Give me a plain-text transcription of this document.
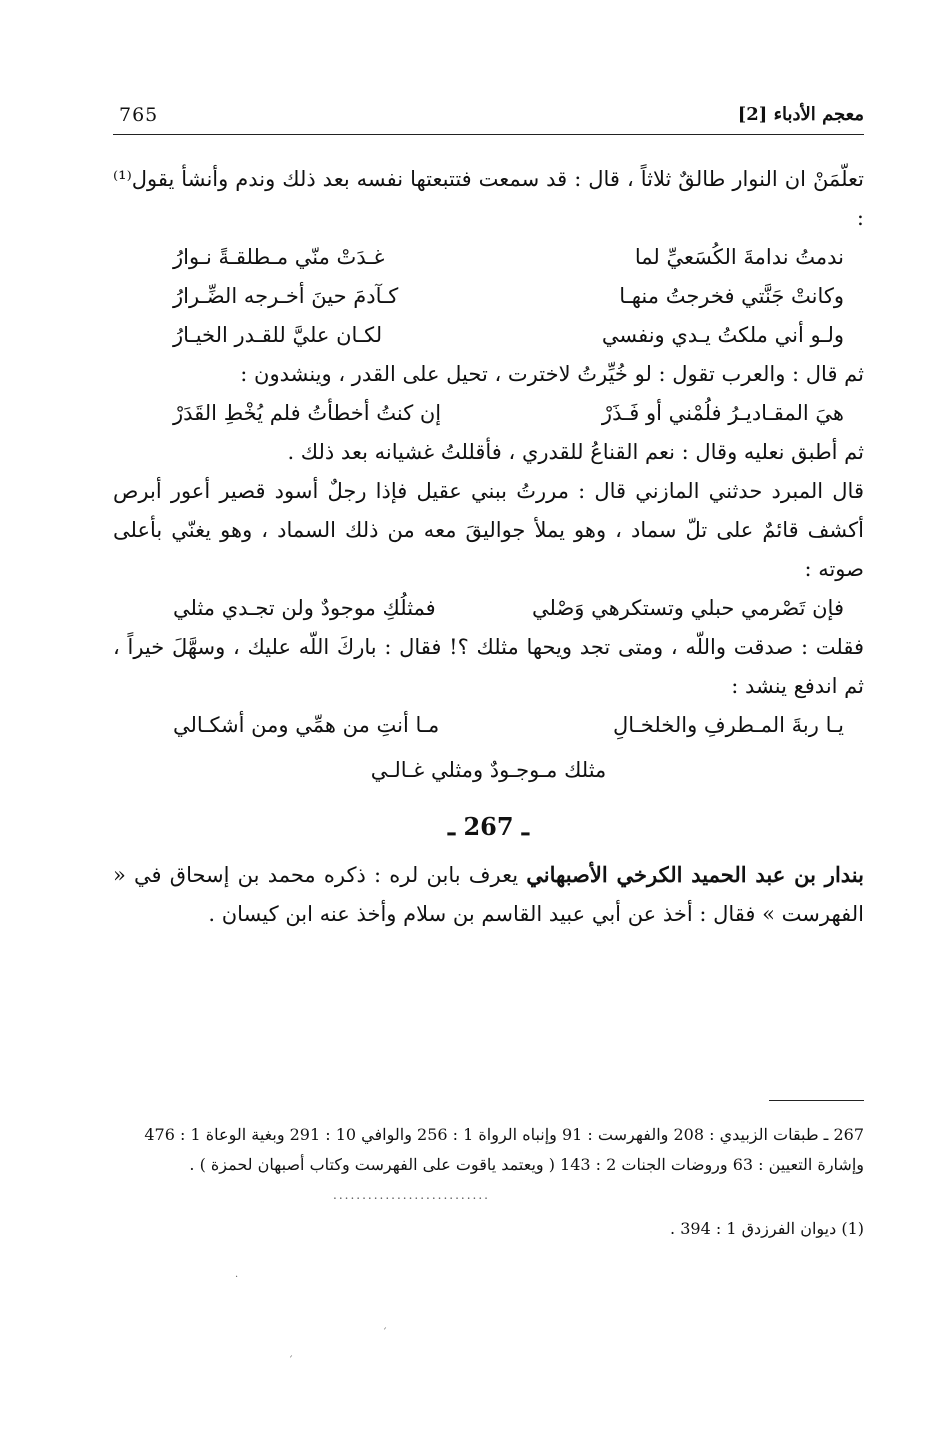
765	معجم الأدباء [2]

تعلّمَنْ ان النوار طالقٌ ثلاثاً ، قال : قد سمعت فتتبعتها نفسه بعد ذلك وندم وأنشأ يقول⁽¹⁾ :

ندمتُ ندامةَ الكُسَعيِّ لما
غـدَتْ منّي مـطلقـةً نـوارُ
وكانتْ جَنَّتي فخرجتُ منهـا
كـآدمَ حينَ أخـرجه الضِّـرارُ
ولـو أني ملكتُ يـدي ونفسي
لكـان عليَّ للقـدر الخيـارُ

ثم قال : والعرب تقول : لو خُيِّرتُ لاخترت ، تحيل على القدر ، وينشدون :

هيَ المقـاديـرُ فلُمْني أو فَـذَرْ
إن كنتُ أخطأتُ فلم يُخْطِ القَدَرْ

ثم أطبق نعليه وقال : نعم القناعُ للقدري ، فأقللتُ غشيانه بعد ذلك .

قال المبرد حدثني المازني قال : مررتُ ببني عقيل فإذا رجلٌ أسود قصير أعور أبرص أكشف قائمٌ على تلّ سماد ، وهو يملأ جواليقَ معه من ذلك السماد ، وهو يغنّي بأعلى صوته :

فإن تَصْرمي حبلي وتستكرهي وَصْلي
فمثلُكِ موجودٌ ولن تجـدي مثلي

فقلت : صدقت واللّه ، ومتى تجد ويحها مثلك ؟! فقال : باركَ اللّه عليك ، وسهَّلَ خيراً ، ثم اندفع ينشد :

يـا ربةَ المـطرفِ والخلخـالِ
مـا أنتِ من همِّي ومن أشكـالي

مثلك مـوجـودٌ ومثلي غـالـي

ـ 267 ـ

بندار بن عبد الحميد الكرخي الأصبهاني يعرف بابن لره : ذكره محمد بن إسحاق في « الفهرست » فقال : أخذ عن أبي عبيد القاسم بن سلام وأخذ عنه ابن كيسان .

267 ـ طبقات الزبيدي : 208 والفهرست : 91 وإنباه الرواة 1 : 256 والوافي 10 : 291 وبغية الوعاة 1 : 476 وإشارة التعيين : 63 وروضات الجنات 2 : 143 ( ويعتمد ياقوت على الفهرست وكتاب أصبهان لحمزة ) .

...........................

(1) ديوان الفرزدق 1 : 394 .

·
ˊ
ˊ
